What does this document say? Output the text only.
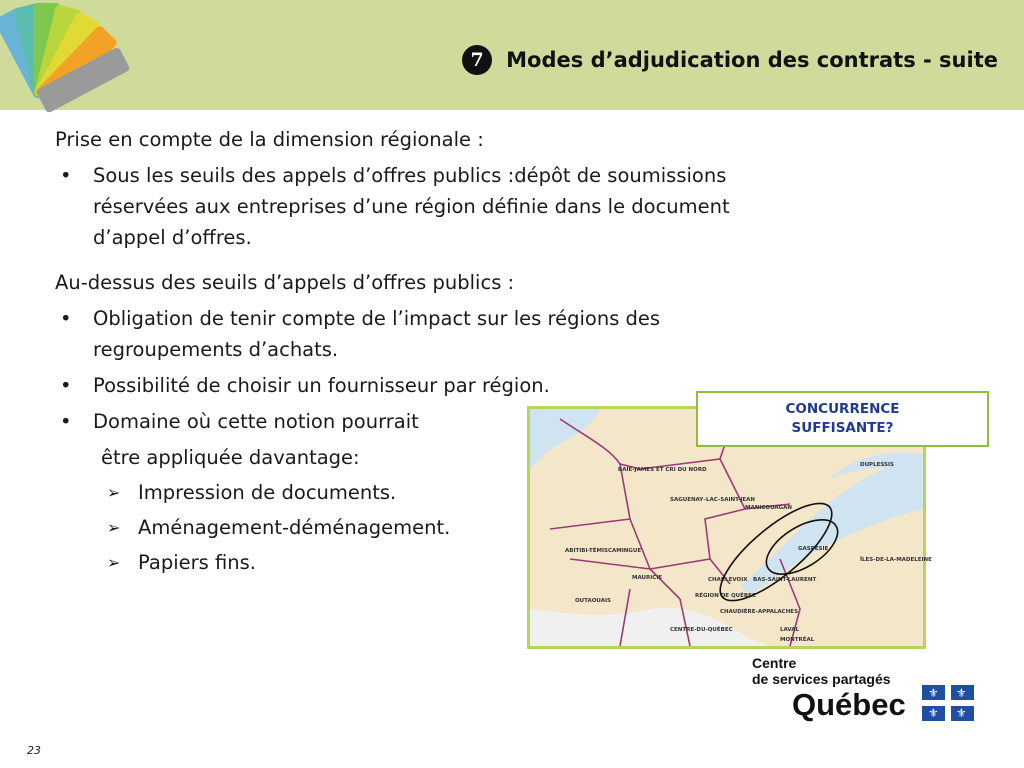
7	Modes d’adjudication des contrats - suite
Prise en compte de la dimension régionale :
• Sous les seuils des appels d’offres publics :dépôt de soumissions
réservées aux entreprises d’une région définie dans le document
d’appel d’offres.
Au-dessus des seuils d’appels d’offres publics :
• Obligation de tenir compte de l’impact sur les régions des
regroupements d’achats.
• Possibilité de choisir un fournisseur par région.
• Domaine où cette notion pourrait
être appliquée davantage:
➢ Impression de documents.
➢ Aménagement-déménagement.
➢ Papiers fins.
BAIE-JAMES ET CRI DU NORD
SAGUENAY–LAC-SAINT-JEAN
MANICOUAGAN
DUPLESSIS
ABITIBI-TÉMISCAMINGUE
MAURICIE	CHARLEVOIX BAS-SAINT-LAURENT
GASPÉSIE
ÎLES-DE-LA-MADELEINE
RÉGION DE QUÉBEC
CHAUDIÈRE-APPALACHES
OUTAOUAIS
CENTRE-DU-QUÉBEC	LAVAL
MONTRÉAL
CONCURRENCE
SUFFISANTE?
Centre
de services partagés
Québec	⚜ ⚜
⚜ ⚜
23
